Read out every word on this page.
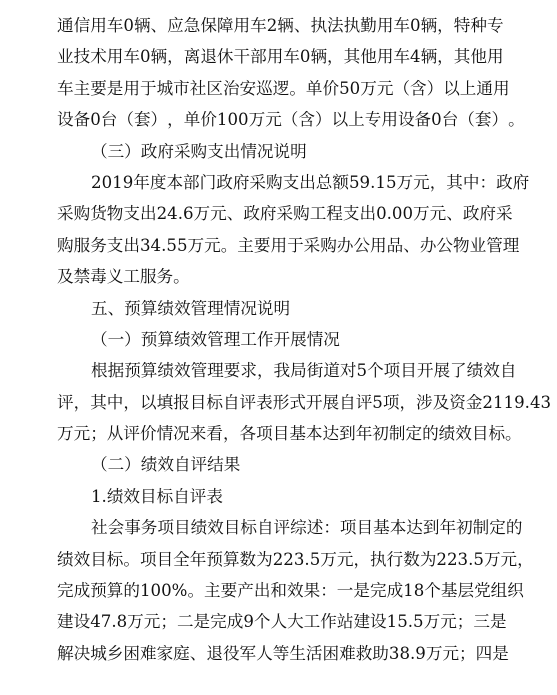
通 信 用 车
0
辆 、 应 急 保 障 用 车
2
辆 、 执 法 执 勤 用 车
0
辆 ， 特 种 专
业 技 术 用 车
0
辆 ， 离 退 休 干 部 用 车
0
辆 ， 其 他 用 车
4
辆 ， 其 他 用
车 主 要 是 用 于 城 市 社 区 治 安 巡 逻 。 单 价
5 0
万 元 （ 含 ） 以 上 通 用
设 备
0
台 （ 套 ） ， 单 价
1 0 0
万 元 （ 含 ） 以 上 专 用 设 备
0
台 （ 套 ） 。
（三）政府采购支出情况说明
2 0 1 9
年 度 本 部 门 政 府 采 购 支 出 总 额
5 9 . 1 5
万 元 ， 其 中 ： 政 府
采 购 货 物 支 出
2 4 . 6
万 元 、 政 府 采 购 工 程 支 出
0 . 0 0
万 元 、 政 府 采
购 服 务 支 出
3 4 . 5 5
万 元 。 主 要 用 于 采 购 办 公 用 品 、 办 公 物 业 管 理
及禁毒义工服务。
五、预算绩效管理情况说明
（一）预算绩效管理工作开展情况
根 据 预 算 绩 效 管 理 要 求 ， 我 局 街 道 对
5
个 项 目 开 展 了 绩 效 自
评 ， 其 中 ， 以 填 报 目 标 自 评 表 形 式 开 展 自 评 5 项 ， 涉 及 资 金 2 1 1 9 . 4 3
万 元 ； 从 评 价 情 况 来 看 ， 各 项 目 基 本 达 到 年 初 制 定 的 绩 效 目 标 。
（二）绩效自评结果
1.绩效目标自评表
社 会 事 务 项 目 绩 效 目 标 自 评 综 述 ： 项 目 基 本 达 到 年 初 制 定 的
绩 效 目 标 。 项 目 全 年 预 算 数 为
2 2 3 . 5
万 元 ， 执 行 数 为
2 2 3 . 5
万 元 ，
完 成 预 算 的
1 0 0 % 。 主 要 产 出 和 效 果 ： 一 是 完 成
1 8
个 基 层 党 组 织
建 设
4 7 . 8
万 元 ； 二 是 完 成
9
个 人 大 工 作 站 建 设
1 5 . 5
万 元 ； 三 是
解 决 城 乡 困 难 家 庭 、 退 役 军 人 等 生 活 困 难 救 助
3 8 . 9
万 元 ； 四 是
